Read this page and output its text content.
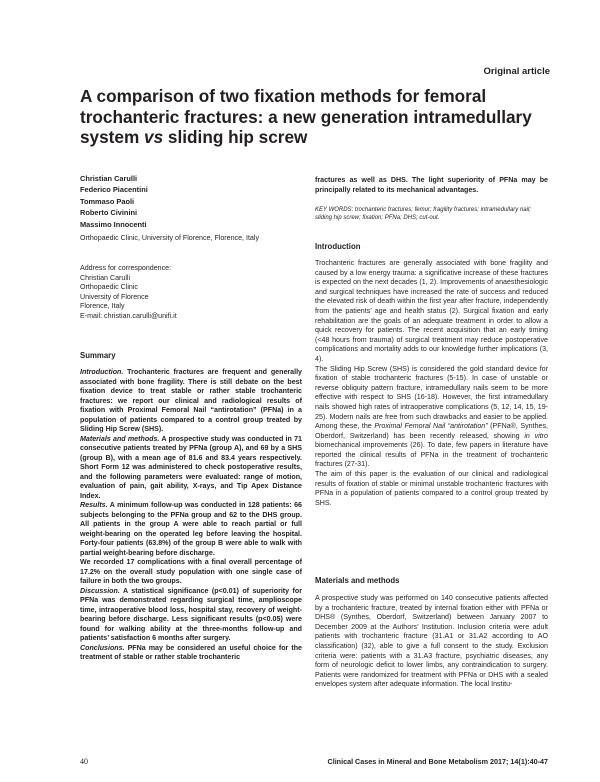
Original article
A comparison of two fixation methods for femoral
trochanteric fractures: a new generation intramedullary
system vs sliding hip screw
Christian Carulli
Federico Piacentini
Tommaso Paoli
Roberto Civinini
Massimo Innocenti
Orthopaedic Clinic, University of Florence, Florence, Italy
Address for correspondence:
Christian Carulli
Orthopaedic Clinic
University of Florence
Florence, Italy
E-mail: christian.carulli@unifi.it
Summary

Introduction. Trochanteric fractures are frequent and generally associated with bone fragility. There is still debate on the best fixation device to treat stable or rather stable trochanteric fractures: we report our clinical and radiological results of fixation with Proximal Femoral Nail “antirotation” (PFNa) in a population of patients compared to a control group treated by Sliding Hip Screw (SHS).

Materials and methods. A prospective study was conducted in 71 consecutive patients treated by PFNa (group A), and 69 by a SHS (group B), with a mean age of 81.6 and 83.4 years respectively. Short Form 12 was administered to check postoperative results, and the following parameters were evaluated: range of motion, evaluation of pain, gait ability, X-rays, and Tip Apex Distance Index.

Results. A minimum follow-up was conducted in 128 patients: 66 subjects belonging to the PFNa group and 62 to the DHS group. All patients in the group A were able to reach partial or full weight-bearing on the operated leg before leaving the hospital. Forty-four patients (63.8%) of the group B were able to walk with partial weight-bearing before discharge.

We recorded 17 complications with a final overall percentage of 17.2% on the overall study population with one single case of failure in both the two groups.

Discussion. A statistical significance (p<0.01) of superiority for PFNa was demonstrated regarding surgical time, amplioscope time, intraoperative blood loss, hospital stay, recovery of weight-bearing before discharge. Less significant results (p<0.05) were found for walking ability at the three-months follow-up and patients’ satisfaction 6 months after surgery.

Conclusions. PFNa may be considered an useful choice for the treatment of stable or rather stable trochanteric

fractures as well as DHS. The light superiority of PFNa may be principally related to its mechanical advantages.

KEY WORDS: trochanteric fractures; femur; fragility fractures; intramedullary nail; sliding hip screw; fixation; PFNa; DHS; cut-out.

Introduction

Trochanteric fractures are generally associated with bone fragility and caused by a low energy trauma: a significative increase of these fractures is expected on the next decades (1, 2). Improvements of anaesthesiologic and surgical techniques have increased the rate of success and reduced the elevated risk of death within the first year after fracture, independently from the patients’ age and health status (2). Surgical fixation and early rehabilitation are the goals of an adequate treatment in order to allow a quick recovery for patients. The recent acquisition that an early timing (<48 hours from trauma) of surgical treatment may reduce postoperative complications and mortality adds to our knowledge further implications (3, 4).

The Sliding Hip Screw (SHS) is considered the gold standard device for fixation of stable trochanteric fractures (5-15). In case of unstable or reverse obliquity pattern fracture, intramedullary nails seem to be more effective with respect to SHS (16-18). However, the first intramedullary nails showed high rates of intraoperative complications (5, 12, 14, 15, 19-25). Modern nails are free from such drawbacks and easier to be applied. Among these, the Proximal Femoral Nail “antirotation” (PFNa®, Synthes, Oberdorf, Switzerland) has been recently released, showing in vitro biomechanical improvements (26). To date, few papers in literature have reported the clinical results of PFNa in the treatment of trochanteric fractures (27-31).

The aim of this paper is the evaluation of our clinical and radiological results of fixation of stable or minimal unstable trochanteric fractures with PFNa in a population of patients compared to a control group treated by SHS.

Materials and methods

A prospective study was performed on 140 consecutive patients affected by a trochanteric fracture, treated by internal fixation either with PFNa or DHS® (Synthes, Oberdorf, Switzerland) between January 2007 to December 2009 at the Authors’ Institution. Inclusion criteria were adult patients with trochanteric fracture (31.A1 or 31.A2 according to AO classification) (32), able to give a full consent to the study. Exclusion criteria were: patients with a 31.A3 fracture, psychiatric diseases, any form of neurologic deficit to lower limbs, any contraindication to surgery. Patients were randomized for treatment with PFNa or DHS with a sealed envelopes system after adequate information. The local Institu-

40	Clinical Cases in Mineral and Bone Metabolism 2017; 14(1):40-47
